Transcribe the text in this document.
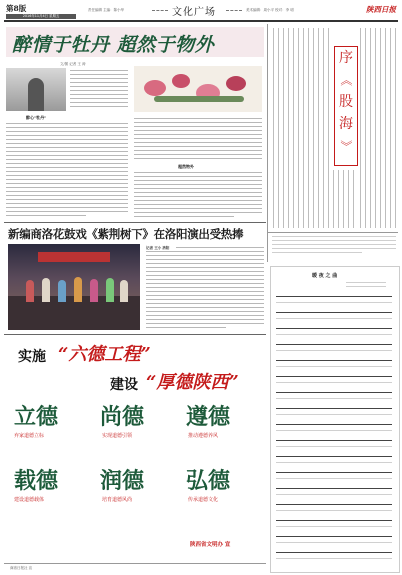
第8版
2016年11月4日 星期五
责任编辑 主编：陈小华	文化广场	美术编辑：周小平 校对：李 明	陕西日报
醉情于牡丹 超然于物外
文/图 记者 王 涛
醉心"牡丹"
超然物外
序
《
股
海
》
新编商洛花鼓戏《紫荆树下》在洛阳演出受热捧
记者 王小 洛阳
暖 夜 之 曲
实施 “六德工程”
建设 “厚德陕西”
立德
弃家道德立标
尚德
实现道德引领
遵德
推动遵德养风
载德
建设道德载体
润德
培育道德风尚
弘德
传承道德文化
陕西省文明办 宣
商洛日报社 宣
